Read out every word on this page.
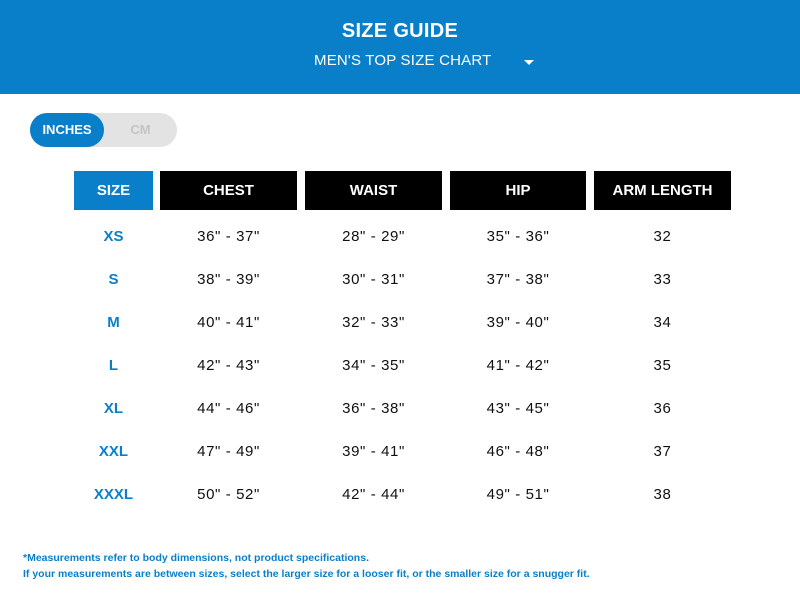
SIZE GUIDE
MEN'S TOP SIZE CHART
INCHES	CM
SIZE	CHEST	WAIST	HIP	ARM LENGTH
XS	36" - 37"	28" - 29"	35" - 36"	32
S	38" - 39"	30" - 31"	37" - 38"	33
M	40" - 41"	32" - 33"	39" - 40"	34
L	42" - 43"	34" - 35"	41" - 42"	35
XL	44" - 46"	36" - 38"	43" - 45"	36
XXL	47" - 49"	39" - 41"	46" - 48"	37
XXXL	50" - 52"	42" - 44"	49" - 51"	38
*Measurements refer to body dimensions, not product specifications.
If your measurements are between sizes, select the larger size for a looser fit, or the smaller size for a snugger fit.
